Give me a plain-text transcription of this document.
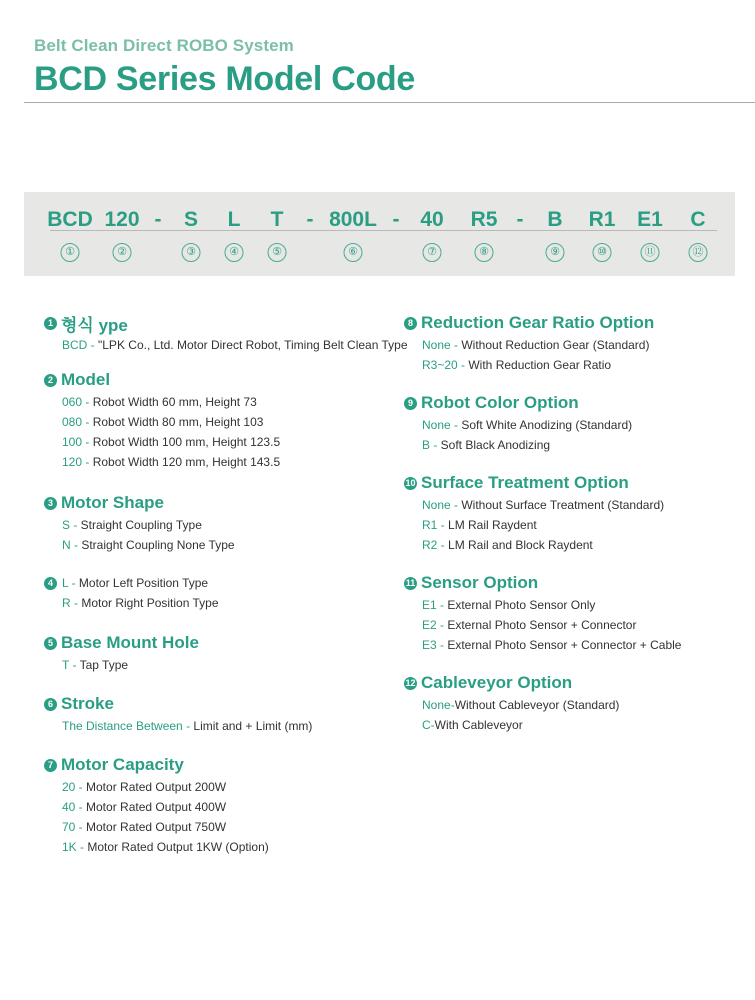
Belt Clean Direct ROBO System
BCD Series Model Code
BCD 120 - S L T - 800L - 40 R5 - B R1 E1 C
①	②	③	④	⑤	⑥	⑦	⑧	⑨	⑩	⑪	⑫
1 형식 ype
BCD - "LPK Co., Ltd. Motor Direct Robot, Timing Belt Clean Type
2 Model
060 - Robot Width 60 mm, Height 73
080 - Robot Width 80 mm, Height 103
100 - Robot Width 100 mm, Height 123.5
120 - Robot Width 120 mm, Height 143.5
3 Motor Shape
S - Straight Coupling Type
N - Straight Coupling None Type
4 L - Motor Left Position Type
R - Motor Right Position Type
5 Base Mount Hole
T - Tap Type
6 Stroke
The Distance Between - Limit and + Limit (mm)
7 Motor Capacity
20 - Motor Rated Output 200W
40 - Motor Rated Output 400W
70 - Motor Rated Output 750W
1K - Motor Rated Output 1KW (Option)
8 Reduction Gear Ratio Option
None - Without Reduction Gear (Standard)
R3~20 - With Reduction Gear Ratio
9 Robot Color Option
None - Soft White Anodizing (Standard)
B - Soft Black Anodizing
10 Surface Treatment Option
None - Without Surface Treatment (Standard)
R1 - LM Rail Raydent
R2 - LM Rail and Block Raydent
11 Sensor Option
E1 - External Photo Sensor Only
E2 - External Photo Sensor + Connector
E3 - External Photo Sensor + Connector + Cable
12 Cableveyor Option
None-Without Cableveyor (Standard)
C-With Cableveyor
